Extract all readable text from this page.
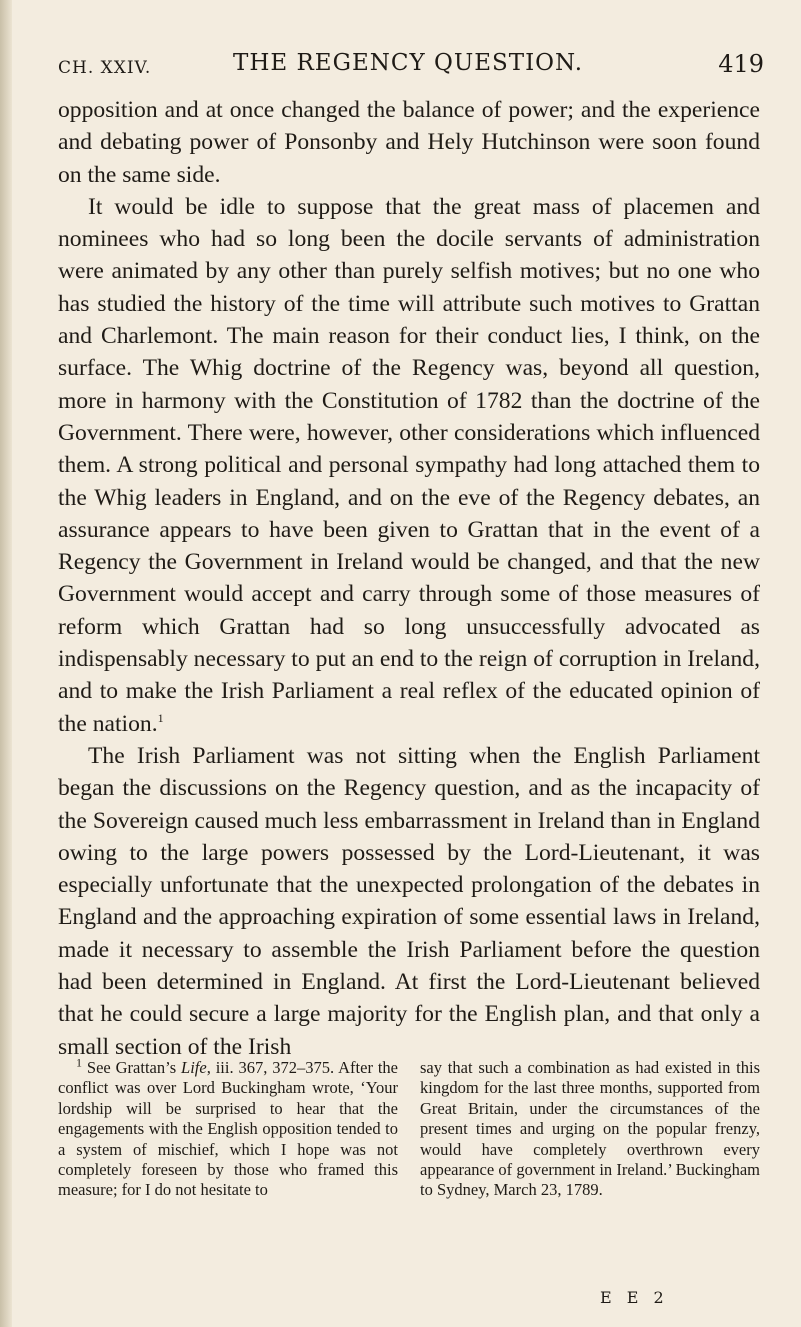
CH. XXIV.	THE REGENCY QUESTION.	419

opposition and at once changed the balance of power; and the experience and debating power of Ponsonby and Hely Hutchinson were soon found on the same side.

It would be idle to suppose that the great mass of placemen and nominees who had so long been the docile servants of administration were animated by any other than purely selfish motives; but no one who has studied the history of the time will attribute such motives to Grattan and Charlemont. The main reason for their conduct lies, I think, on the surface. The Whig doctrine of the Regency was, beyond all question, more in harmony with the Constitution of 1782 than the doctrine of the Government. There were, however, other considerations which influenced them. A strong political and personal sympathy had long attached them to the Whig leaders in England, and on the eve of the Regency debates, an assurance appears to have been given to Grattan that in the event of a Regency the Government in Ireland would be changed, and that the new Government would accept and carry through some of those measures of reform which Grattan had so long unsuccessfully advocated as indispensably necessary to put an end to the reign of corruption in Ireland, and to make the Irish Parliament a real reflex of the educated opinion of the nation.$^1$

The Irish Parliament was not sitting when the English Parliament began the discussions on the Regency question, and as the incapacity of the Sovereign caused much less embarrassment in Ireland than in England owing to the large powers possessed by the Lord-Lieutenant, it was especially unfortunate that the unexpected prolongation of the debates in England and the approaching expiration of some essential laws in Ireland, made it necessary to assemble the Irish Parliament before the question had been determined in England. At first the Lord-Lieutenant believed that he could secure a large majority for the English plan, and that only a small section of the Irish

$^1$ See Grattan’s Life, iii. 367, 372–375. After the conflict was over Lord Buckingham wrote, ‘Your lordship will be surprised to hear that the engagements with the English opposition tended to a system of mischief, which I hope was not completely foreseen by those who framed this measure; for I do not hesitate to

say that such a combination as had existed in this kingdom for the last three months, supported from Great Britain, under the circumstances of the present times and urging on the popular frenzy, would have completely overthrown every appearance of government in Ireland.’ Buckingham to Sydney, March 23, 1789.

E E 2
